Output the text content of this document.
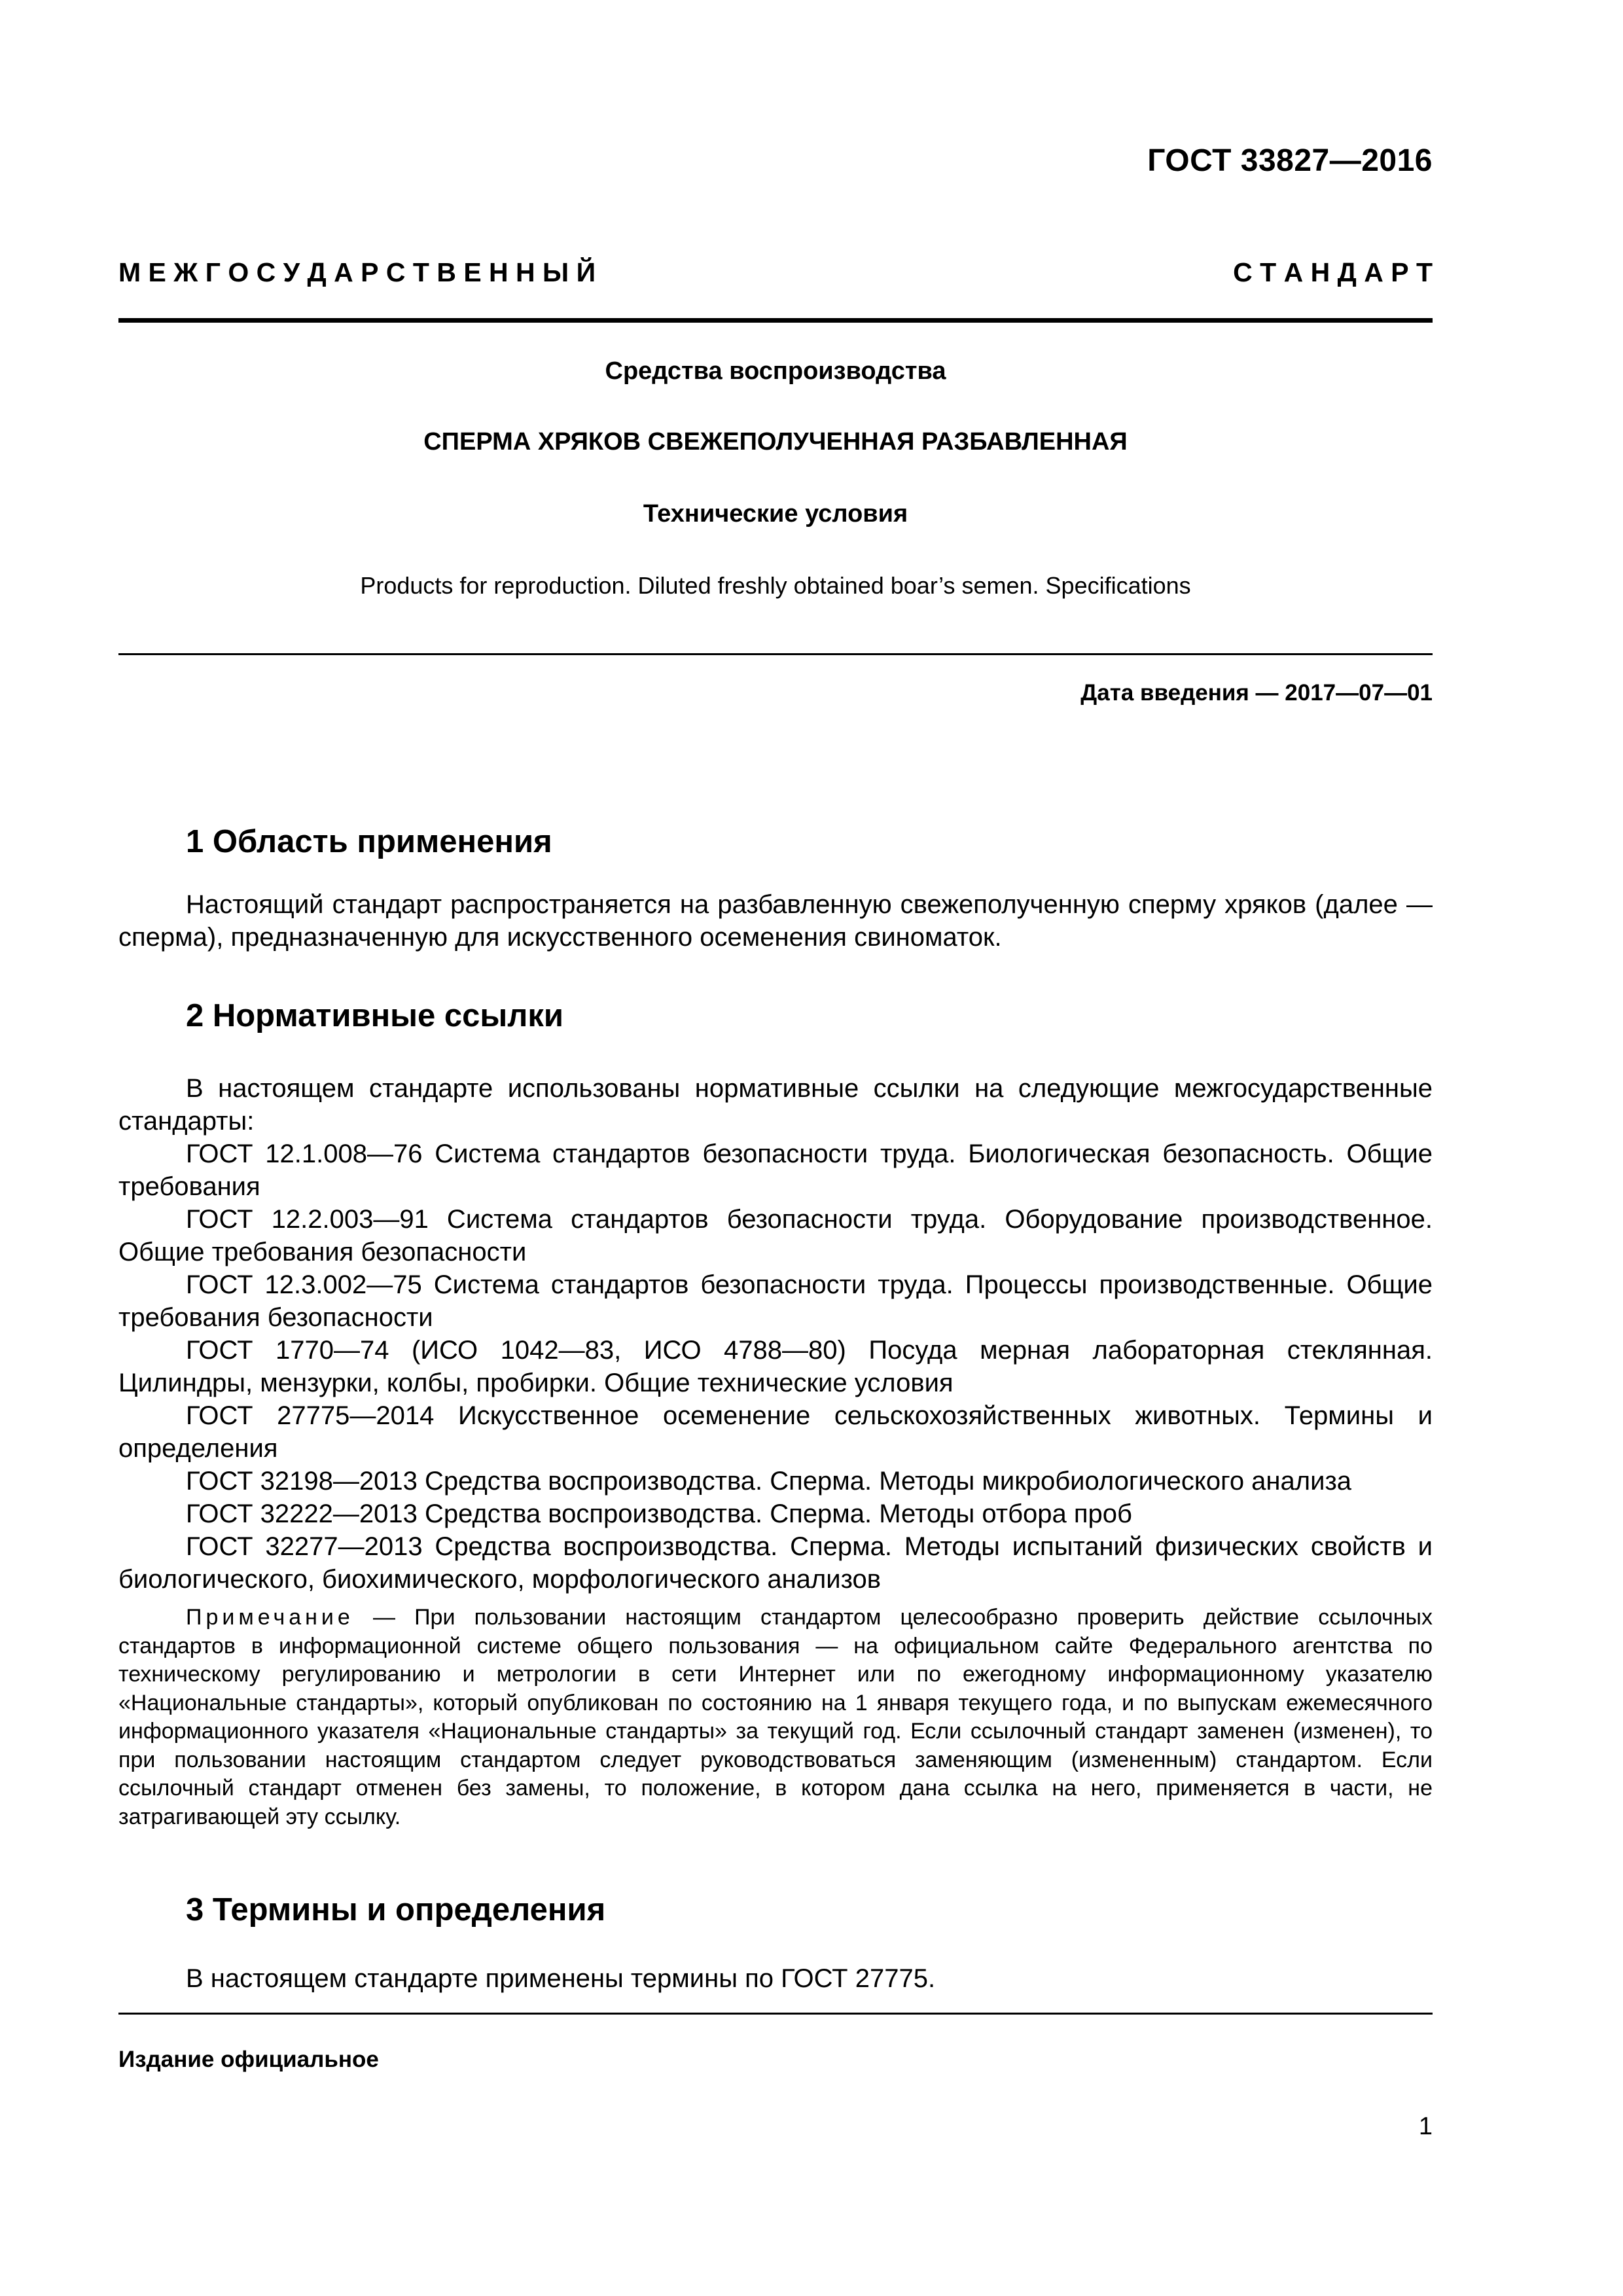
ГОСТ 33827—2016
М Е Ж Г О С У Д А Р С Т В Е Н Н Ы Й	С Т А Н Д А Р Т
Средства воспроизводства
СПЕРМА ХРЯКОВ СВЕЖЕПОЛУЧЕННАЯ РАЗБАВЛЕННАЯ
Технические условия
Products for reproduction. Diluted freshly obtained boar’s semen. Specifications
Дата введения — 2017—07—01
1 Область применения

Настоящий стандарт распространяется на разбавленную свежеполученную сперму хряков (далее — сперма), предназначенную для искусственного осеменения свиноматок.

2 Нормативные ссылки

В настоящем стандарте использованы нормативные ссылки на следующие межгосударственные стандарты:

ГОСТ 12.1.008—76 Система стандартов безопасности труда. Биологическая безопасность. Общие требования

ГОСТ 12.2.003—91 Система стандартов безопасности труда. Оборудование производственное. Общие требования безопасности

ГОСТ 12.3.002—75 Система стандартов безопасности труда. Процессы производственные. Общие требования безопасности

ГОСТ 1770—74 (ИСО 1042—83, ИСО 4788—80) Посуда мерная лабораторная стеклянная. Цилиндры, мензурки, колбы, пробирки. Общие технические условия

ГОСТ 27775—2014 Искусственное осеменение сельскохозяйственных животных. Термины и определения

ГОСТ 32198—2013 Средства воспроизводства. Сперма. Методы микробиологического анализа

ГОСТ 32222—2013 Средства воспроизводства. Сперма. Методы отбора проб

ГОСТ 32277—2013 Средства воспроизводства. Сперма. Методы испытаний физических свойств и биологического, биохимического, морфологического анализов

Примечание — При пользовании настоящим стандартом целесообразно проверить действие ссылочных стандартов в информационной системе общего пользования — на официальном сайте Федерального агентства по техническому регулированию и метрологии в сети Интернет или по ежегодному информационному указателю «Национальные стандарты», который опубликован по состоянию на 1 января текущего года, и по выпускам ежемесячного информационного указателя «Национальные стандарты» за текущий год. Если ссылочный стандарт заменен (изменен), то при пользовании настоящим стандартом следует руководствоваться заменяющим (измененным) стандартом. Если ссылочный стандарт отменен без замены, то положение, в котором дана ссылка на него, применяется в части, не затрагивающей эту ссылку.

3 Термины и определения

В настоящем стандарте применены термины по ГОСТ 27775.

Издание официальное
1
